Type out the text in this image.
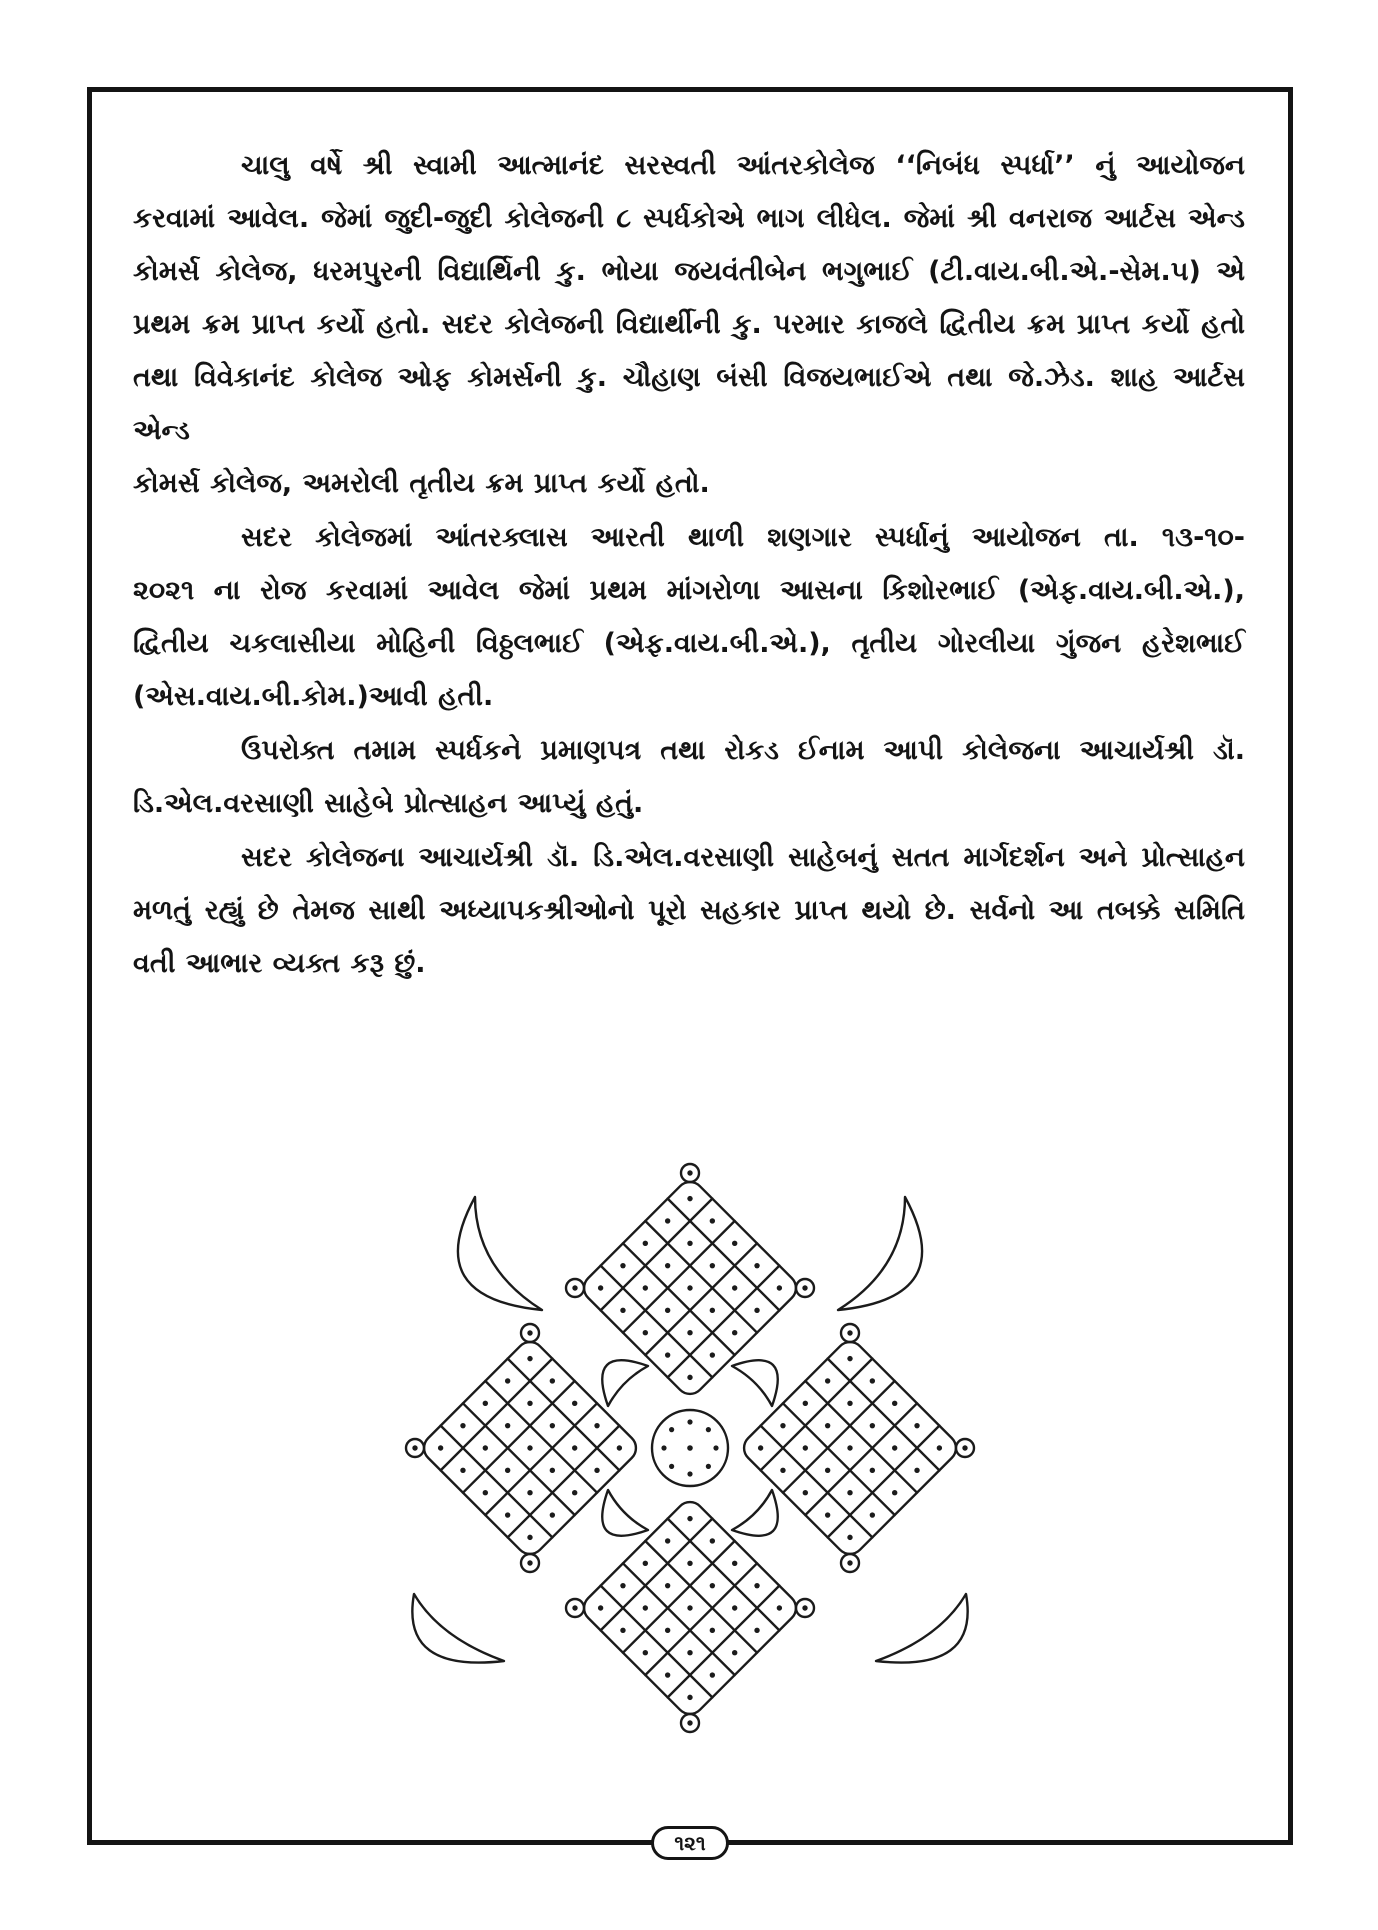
ચાલુ વર્ષે શ્રી સ્વામી આત્માનંદ સરસ્વતી આંતરકોલેજ ‘‘નિબંધ સ્પર્ધા’’ નું આયોજન
કરવામાં આવેલ. જેમાં જુદી-જુદી કોલેજની ૮ સ્પર્ધકોએ ભાગ લીધેલ. જેમાં શ્રી વનરાજ આર્ટસ એન્ડ
કોમર્સ કોલેજ, ધરમપુરની વિદ્યાર્થિની કુ. ભોયા જયવંતીબેન ભગુભાઈ (ટી.વાય.બી.એ.-સેમ.૫) એ
પ્રથમ ક્રમ પ્રાપ્ત કર્યો હતો. સદર કોલેજની વિદ્યાર્થીની કુ. પરમાર કાજલે દ્વિતીય ક્રમ પ્રાપ્ત કર્યો હતો
તથા વિવેકાનંદ કોલેજ ઓફ કોમર્સની કુ. ચૌહાણ બંસી વિજયભાઈએ તથા જે.ઝેડ. શાહ આર્ટસ એન્ડ
કોમર્સ કોલેજ, અમરોલી તૃતીય ક્રમ પ્રાપ્ત કર્યો હતો.
સદર કોલેજમાં આંતરક્લાસ આરતી થાળી શણગાર સ્પર્ધાનું આયોજન તા. ૧૩-૧૦-
૨૦૨૧ ના રોજ કરવામાં આવેલ જેમાં પ્રથમ માંગરોળા આસના કિશોરભાઈ (એફ.વાય.બી.એ.),
દ્વિતીય ચકલાસીયા મોહિની વિઠ્ઠલભાઈ (એફ.વાય.બી.એ.), તૃતીય ગોરલીયા ગુંજન હરેશભાઈ
(એસ.વાય.બી.કોમ.)આવી હતી.
ઉપરોક્ત તમામ સ્પર્ધકને પ્રમાણપત્ર તથા રોકડ ઈનામ આપી કોલેજના આચાર્યશ્રી ડૉ.
ડિ.એલ.વરસાણી સાહેબે પ્રોત્સાહન આપ્યું હતું.
સદર કોલેજના આચાર્યશ્રી ડૉ. ડિ.એલ.વરસાણી સાહેબનું સતત માર્ગદર્શન અને પ્રોત્સાહન
મળતું રહ્યું છે તેમજ સાથી અધ્યાપકશ્રીઓનો પૂરો સહકાર પ્રાપ્ત થયો છે. સર્વનો આ તબક્કે સમિતિ
વતી આભાર વ્યક્ત કરૂ છું.
૧૨૧
